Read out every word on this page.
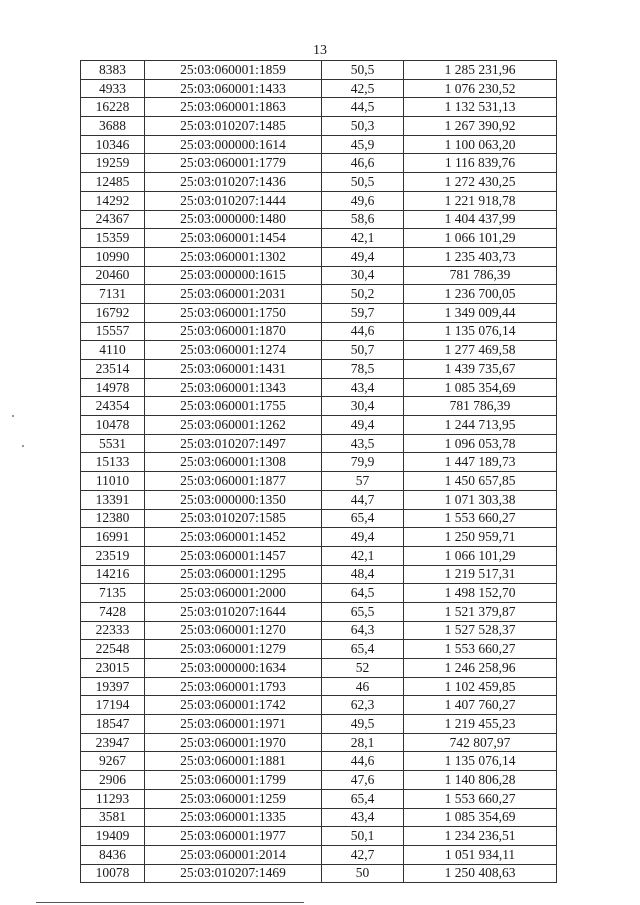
13
8383	25:03:060001:1859	50,5	1 285 231,96
4933	25:03:060001:1433	42,5	1 076 230,52
16228	25:03:060001:1863	44,5	1 132 531,13
3688	25:03:010207:1485	50,3	1 267 390,92
10346	25:03:000000:1614	45,9	1 100 063,20
19259	25:03:060001:1779	46,6	1 116 839,76
12485	25:03:010207:1436	50,5	1 272 430,25
14292	25:03:010207:1444	49,6	1 221 918,78
24367	25:03:000000:1480	58,6	1 404 437,99
15359	25:03:060001:1454	42,1	1 066 101,29
10990	25:03:060001:1302	49,4	1 235 403,73
20460	25:03:000000:1615	30,4	781 786,39
7131	25:03:060001:2031	50,2	1 236 700,05
16792	25:03:060001:1750	59,7	1 349 009,44
15557	25:03:060001:1870	44,6	1 135 076,14
4110	25:03:060001:1274	50,7	1 277 469,58
23514	25:03:060001:1431	78,5	1 439 735,67
14978	25:03:060001:1343	43,4	1 085 354,69
24354	25:03:060001:1755	30,4	781 786,39
10478	25:03:060001:1262	49,4	1 244 713,95
5531	25:03:010207:1497	43,5	1 096 053,78
15133	25:03:060001:1308	79,9	1 447 189,73
11010	25:03:060001:1877	57	1 450 657,85
13391	25:03:000000:1350	44,7	1 071 303,38
12380	25:03:010207:1585	65,4	1 553 660,27
16991	25:03:060001:1452	49,4	1 250 959,71
23519	25:03:060001:1457	42,1	1 066 101,29
14216	25:03:060001:1295	48,4	1 219 517,31
7135	25:03:060001:2000	64,5	1 498 152,70
7428	25:03:010207:1644	65,5	1 521 379,87
22333	25:03:060001:1270	64,3	1 527 528,37
22548	25:03:060001:1279	65,4	1 553 660,27
23015	25:03:000000:1634	52	1 246 258,96
19397	25:03:060001:1793	46	1 102 459,85
17194	25:03:060001:1742	62,3	1 407 760,27
18547	25:03:060001:1971	49,5	1 219 455,23
23947	25:03:060001:1970	28,1	742 807,97
9267	25:03:060001:1881	44,6	1 135 076,14
2906	25:03:060001:1799	47,6	1 140 806,28
11293	25:03:060001:1259	65,4	1 553 660,27
3581	25:03:060001:1335	43,4	1 085 354,69
19409	25:03:060001:1977	50,1	1 234 236,51
8436	25:03:060001:2014	42,7	1 051 934,11
10078	25:03:010207:1469	50	1 250 408,63
